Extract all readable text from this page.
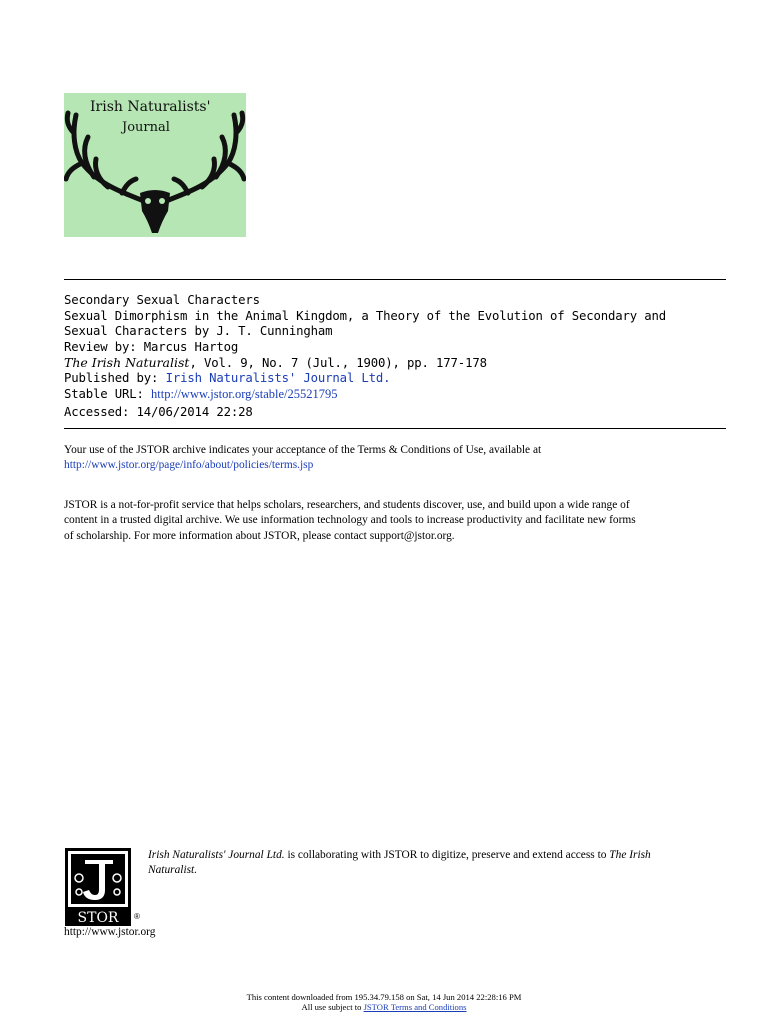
Irish Naturalists'
Journal
Secondary Sexual Characters
Sexual Dimorphism in the Animal Kingdom, a Theory of the Evolution of Secondary and
Sexual Characters by J. T. Cunningham
Review by: Marcus Hartog
The Irish Naturalist, Vol. 9, No. 7 (Jul., 1900), pp. 177-178
Published by: Irish Naturalists' Journal Ltd.
Stable URL: http://www.jstor.org/stable/25521795
Accessed: 14/06/2014 22:28
Your use of the JSTOR archive indicates your acceptance of the Terms & Conditions of Use, available at
http://www.jstor.org/page/info/about/policies/terms.jsp
JSTOR is a not-for-profit service that helps scholars, researchers, and students discover, use, and build upon a wide range of
content in a trusted digital archive. We use information technology and tools to increase productivity and facilitate new forms
of scholarship. For more information about JSTOR, please contact support@jstor.org.
STOR ®
Irish Naturalists' Journal Ltd. is collaborating with JSTOR to digitize, preserve and extend access to The Irish
Naturalist.
http://www.jstor.org
This content downloaded from 195.34.79.158 on Sat, 14 Jun 2014 22:28:16 PM
All use subject to JSTOR Terms and Conditions
